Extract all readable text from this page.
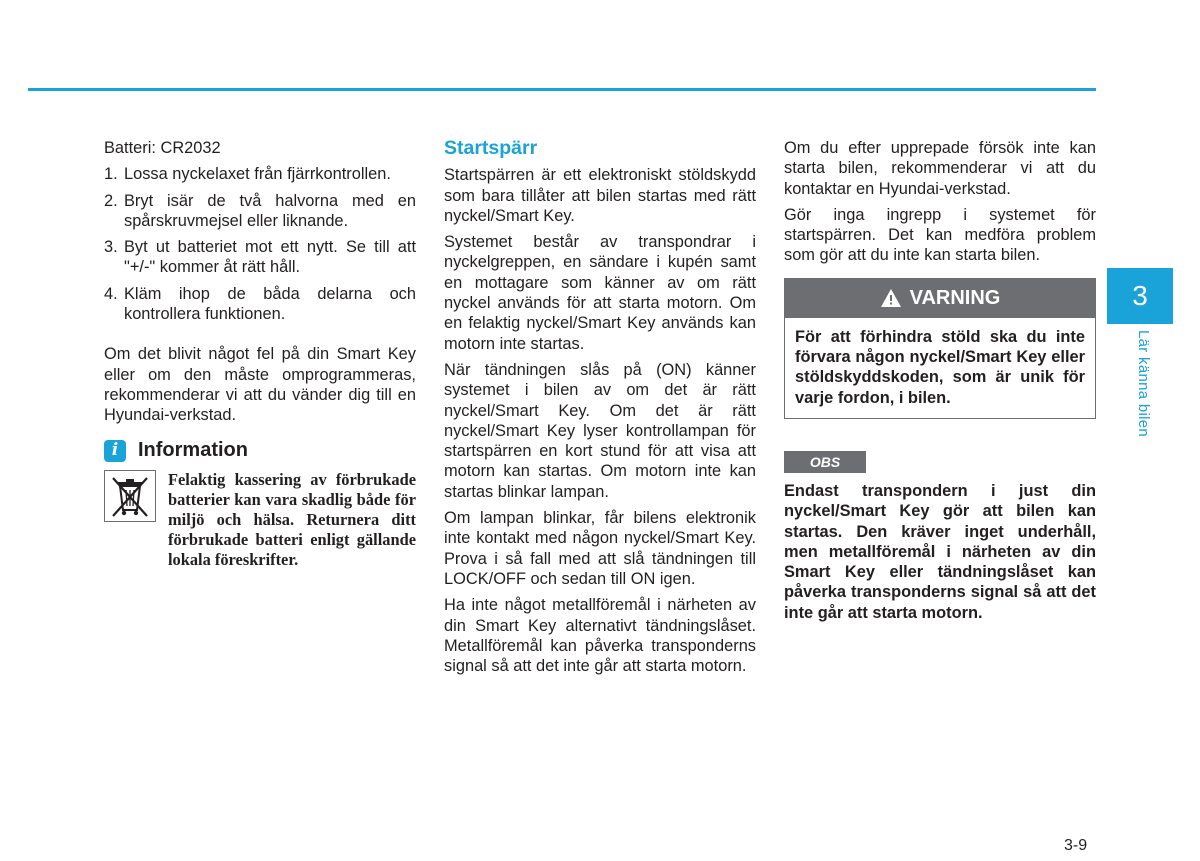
Batteri: CR2032

1. Lossa nyckelaxet från fjärrkontrollen.
2. Bryt isär de två halvorna med en spårskruvmejsel eller liknande.
3. Byt ut batteriet mot ett nytt. Se till att "+/-" kommer åt rätt håll.
4. Kläm ihop de båda delarna och kontrollera funktionen.

Om det blivit något fel på din Smart Key eller om den måste omprogrammeras, rekommenderar vi att du vänder dig till en Hyundai-verkstad.

i Information
Felaktig kassering av förbrukade batterier kan vara skadlig både för miljö och hälsa. Returnera ditt förbrukade batteri enligt gällande lokala föreskrifter.
Startspärr

Startspärren är ett elektroniskt stöldskydd som bara tillåter att bilen startas med rätt nyckel/Smart Key.

Systemet består av transpondrar i nyckelgreppen, en sändare i kupén samt en mottagare som känner av om rätt nyckel används för att starta motorn. Om en felaktig nyckel/Smart Key används kan motorn inte startas.

När tändningen slås på (ON) känner systemet i bilen av om det är rätt nyckel/Smart Key. Om det är rätt nyckel/Smart Key lyser kontrollampan för startspärren en kort stund för att visa att motorn kan startas. Om motorn inte kan startas blinkar lampan.

Om lampan blinkar, får bilens elektronik inte kontakt med någon nyckel/Smart Key. Prova i så fall med att slå tändningen till LOCK/OFF och sedan till ON igen.

Ha inte något metallföremål i närheten av din Smart Key alternativt tändningslåset. Metallföremål kan påverka transponderns signal så att det inte går att starta motorn.

Om du efter upprepade försök inte kan starta bilen, rekommenderar vi att du kontaktar en Hyundai-verkstad.

Gör inga ingrepp i systemet för startspärren. Det kan medföra problem som gör att du inte kan starta bilen.

VARNING

För att förhindra stöld ska du inte förvara någon nyckel/Smart Key eller stöldskyddskoden, som är unik för varje fordon, i bilen.

OBS

Endast transpondern i just din nyckel/Smart Key gör att bilen kan startas. Den kräver inget underhåll, men metallföremål i närheten av din Smart Key eller tändningslåset kan påverka transponderns signal så att det inte går att starta motorn.

3
Lär känna bilen
3-9
